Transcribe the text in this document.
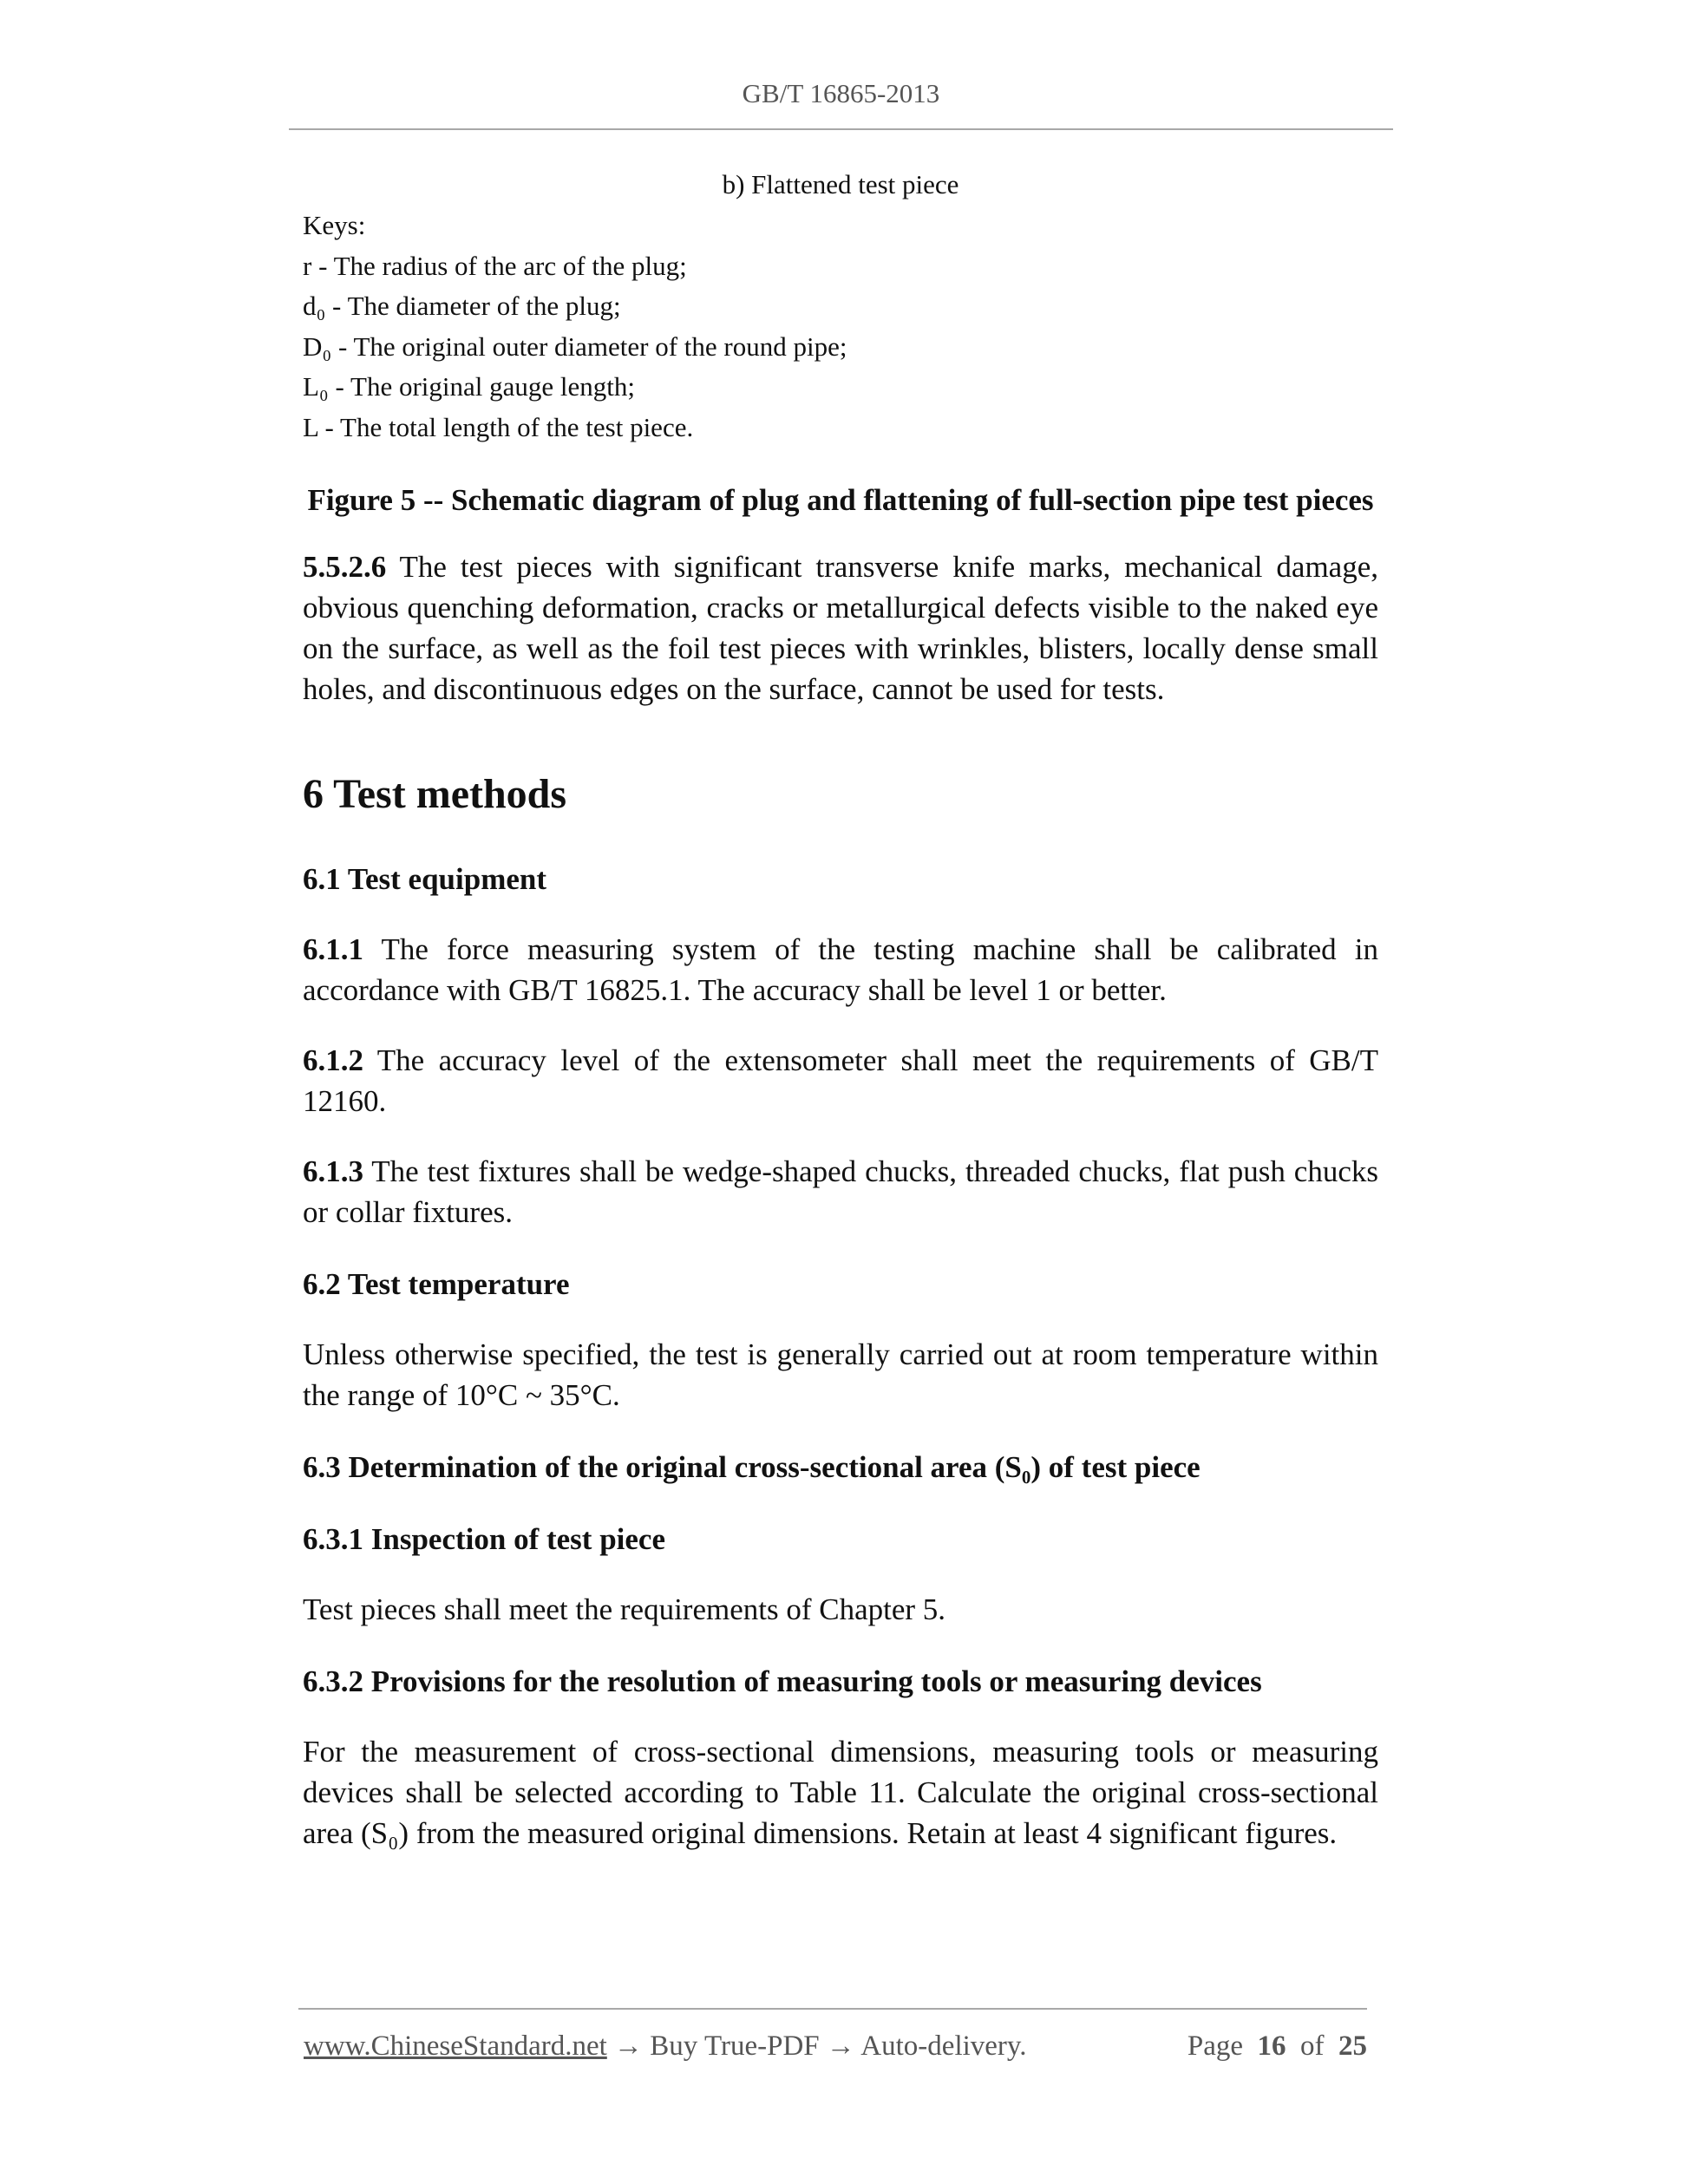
GB/T 16865-2013
b) Flattened test piece
Keys:
r - The radius of the arc of the plug;
d₀ - The diameter of the plug;
D₀ - The original outer diameter of the round pipe;
L₀ - The original gauge length;
L - The total length of the test piece.
Figure 5 -- Schematic diagram of plug and flattening of full-section pipe test pieces

5.5.2.6 The test pieces with significant transverse knife marks, mechanical damage, obvious quenching deformation, cracks or metallurgical defects visible to the naked eye on the surface, as well as the foil test pieces with wrinkles, blisters, locally dense small holes, and discontinuous edges on the surface, cannot be used for tests.

6 Test methods
6.1 Test equipment

6.1.1 The force measuring system of the testing machine shall be calibrated in accordance with GB/T 16825.1. The accuracy shall be level 1 or better.

6.1.2 The accuracy level of the extensometer shall meet the requirements of GB/T 12160.

6.1.3 The test fixtures shall be wedge-shaped chucks, threaded chucks, flat push chucks or collar fixtures.

6.2 Test temperature

Unless otherwise specified, the test is generally carried out at room temperature within the range of 10°C ~ 35°C.

6.3 Determination of the original cross-sectional area (S₀) of test piece
6.3.1 Inspection of test piece

Test pieces shall meet the requirements of Chapter 5.

6.3.2 Provisions for the resolution of measuring tools or measuring devices

For the measurement of cross-sectional dimensions, measuring tools or measuring devices shall be selected according to Table 11. Calculate the original cross-sectional area (S₀) from the measured original dimensions. Retain at least 4 significant figures.

www.ChineseStandard.net → Buy True-PDF → Auto-delivery.	Page 16 of 25
